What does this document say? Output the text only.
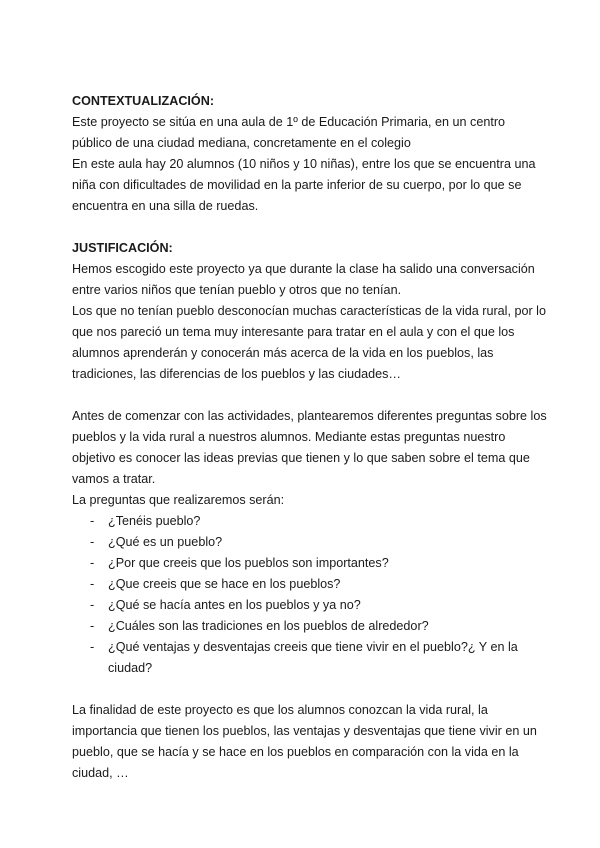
CONTEXTUALIZACIÓN:
Este proyecto se sitúa en una aula de 1º de Educación Primaria, en un centro
público de una ciudad mediana, concretamente en el colegio
En este aula hay 20 alumnos (10 niños y 10 niñas), entre los que se encuentra una
niña con dificultades de movilidad en la parte inferior de su cuerpo, por lo que se
encuentra en una silla de ruedas.
JUSTIFICACIÓN:
Hemos escogido este proyecto ya que durante la clase ha salido una conversación
entre varios niños que tenían pueblo y otros que no tenían.
Los que no tenían pueblo desconocían muchas características de la vida rural, por lo
que nos pareció un tema muy interesante para tratar en el aula y con el que los
alumnos aprenderán y conocerán más acerca de la vida en los pueblos, las
tradiciones, las diferencias de los pueblos y las ciudades…
Antes de comenzar con las actividades, plantearemos diferentes preguntas sobre los
pueblos y la vida rural a nuestros alumnos. Mediante estas preguntas nuestro
objetivo es conocer las ideas previas que tienen y lo que saben sobre el tema que
vamos a tratar.
La preguntas que realizaremos serán:
-	¿Tenéis pueblo?
-	¿Qué es un pueblo?
-	¿Por que creeis que los pueblos son importantes?
-	¿Que creeis que se hace en los pueblos?
-	¿Qué se hacía antes en los pueblos y ya no?
-	¿Cuáles son las tradiciones en los pueblos de alrededor?
-	¿Qué ventajas y desventajas creeis que tiene vivir en el pueblo?¿ Y en la
ciudad?
La finalidad de este proyecto es que los alumnos conozcan la vida rural, la
importancia que tienen los pueblos, las ventajas y desventajas que tiene vivir en un
pueblo, que se hacía y se hace en los pueblos en comparación con la vida en la
ciudad, …
